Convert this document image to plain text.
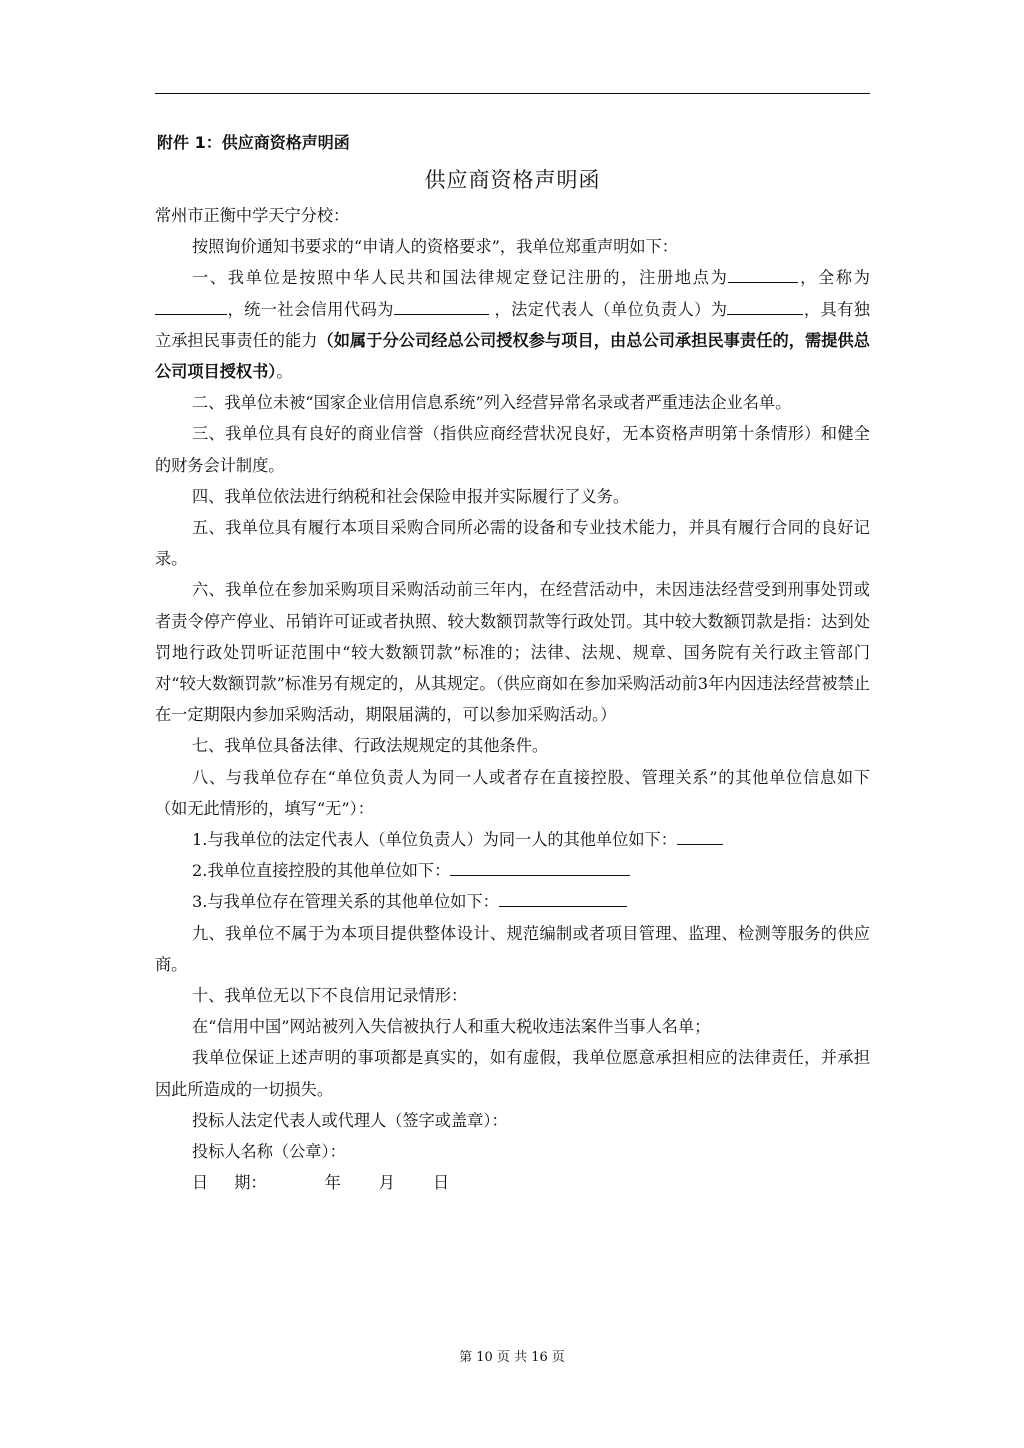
附件 1：供应商资格声明函
供应商资格声明函

常州市正衡中学天宁分校：

按照询价通知书要求的“申请人的资格要求”，我单位郑重声明如下：

一、我单位是按照中华人民共和国法律规定登记注册的，注册地点为	，全称为，统一社会信用代码为	，法定代表人（单位负责人）为	，具有独立承担民事责任的能力（如属于分公司经总公司授权参与项目，由总公司承担民事责任的，需提供总公司项目授权书）。

二、我单位未被“国家企业信用信息系统”列入经营异常名录或者严重违法企业名单。

三、我单位具有良好的商业信誉（指供应商经营状况良好，无本资格声明第十条情形）和健全的财务会计制度。

四、我单位依法进行纳税和社会保险申报并实际履行了义务。

五、我单位具有履行本项目采购合同所必需的设备和专业技术能力，并具有履行合同的良好记录。

六、我单位在参加采购项目采购活动前三年内，在经营活动中，未因违法经营受到刑事处罚或者责令停产停业、吊销许可证或者执照、较大数额罚款等行政处罚。其中较大数额罚款是指：达到处罚地行政处罚听证范围中“较大数额罚款”标准的；法律、法规、规章、国务院有关行政主管部门对“较大数额罚款”标准另有规定的，从其规定。（供应商如在参加采购活动前3年内因违法经营被禁止在一定期限内参加采购活动，期限届满的，可以参加采购活动。）

七、我单位具备法律、行政法规规定的其他条件。

八、与我单位存在“单位负责人为同一人或者存在直接控股、管理关系”的其他单位信息如下（如无此情形的，填写“无”）：

1.与我单位的法定代表人（单位负责人）为同一人的其他单位如下：

2.我单位直接控股的其他单位如下：

3.与我单位存在管理关系的其他单位如下：

九、我单位不属于为本项目提供整体设计、规范编制或者项目管理、监理、检测等服务的供应商。

十、我单位无以下不良信用记录情形：

在“信用中国”网站被列入失信被执行人和重大税收违法案件当事人名单；

我单位保证上述声明的事项都是真实的，如有虚假，我单位愿意承担相应的法律责任，并承担因此所造成的一切损失。

投标人法定代表人或代理人（签字或盖章）：

投标人名称（公章）：

日 期：	年 月 日

第 10 页 共 16 页
